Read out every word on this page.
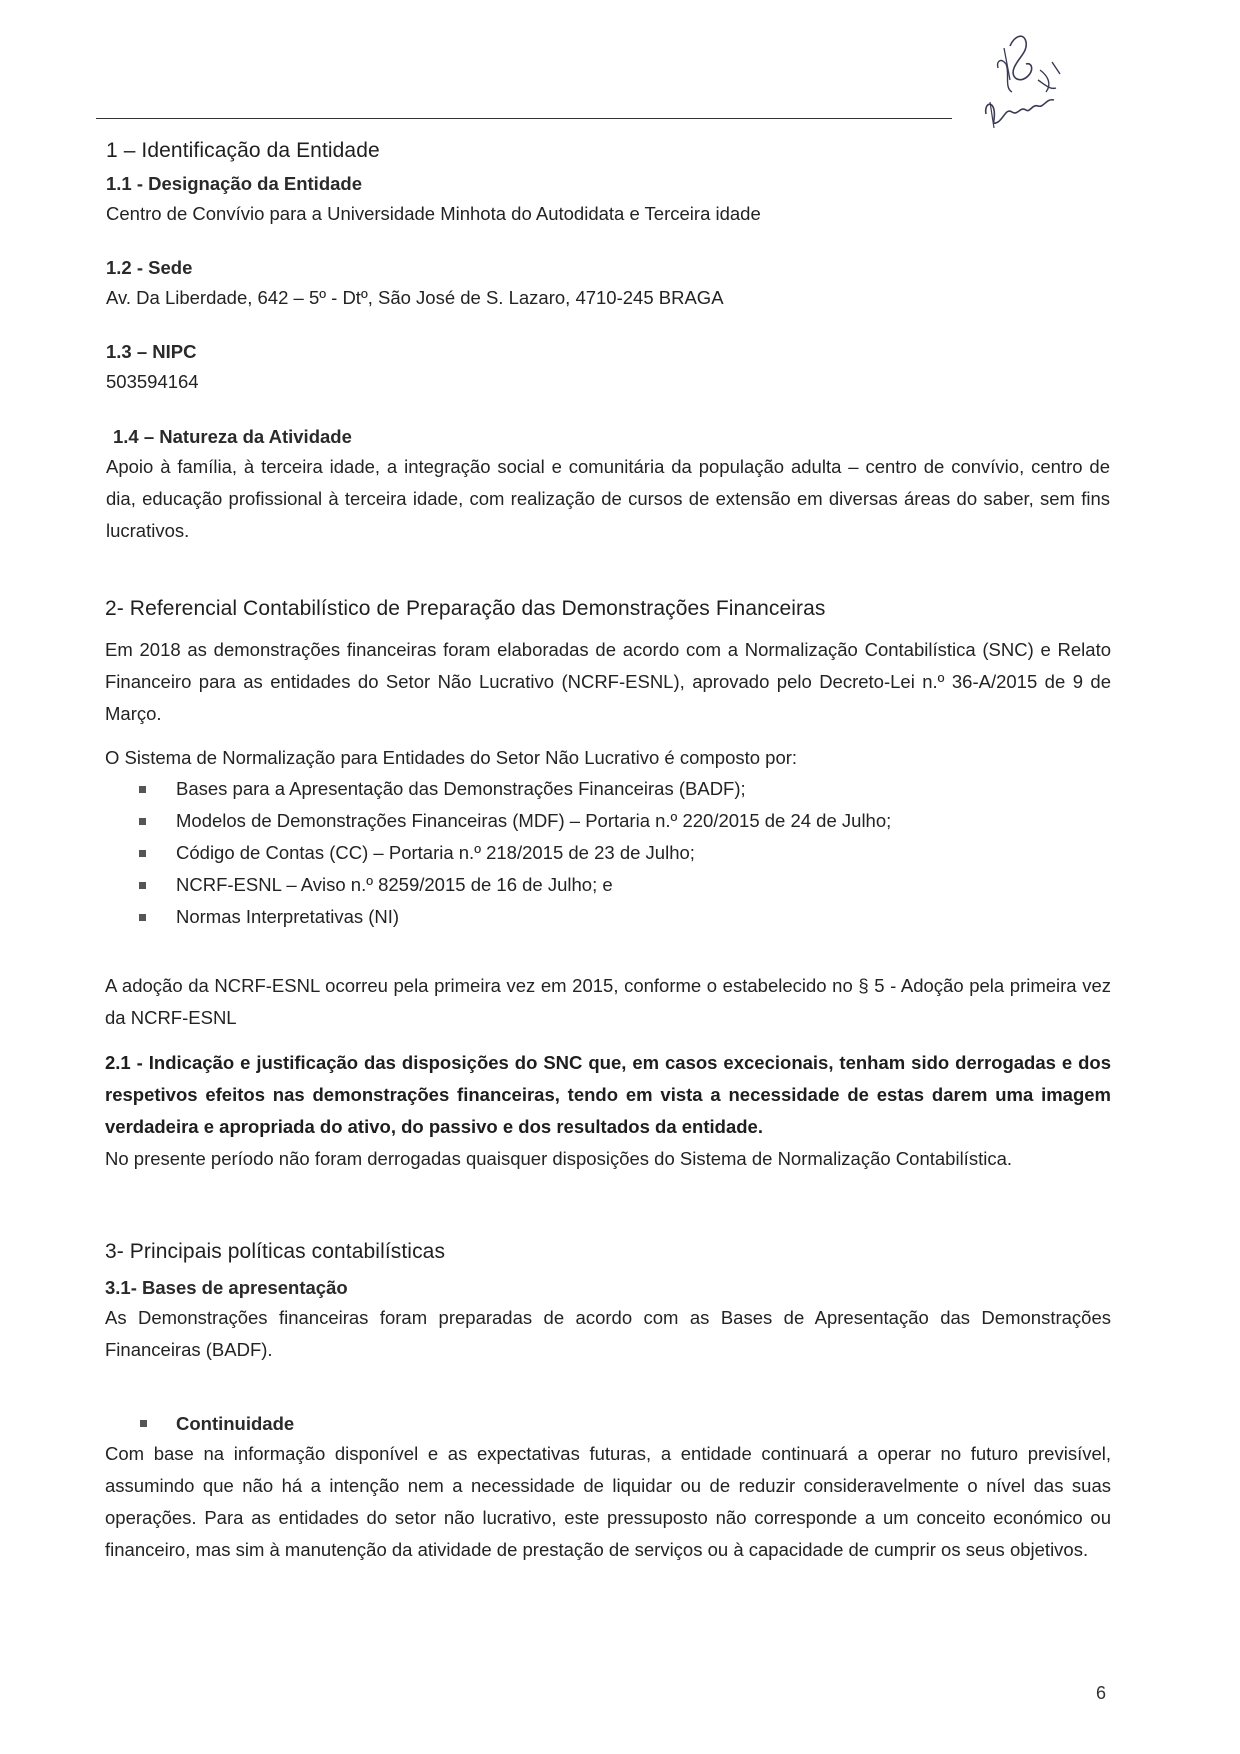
1 – Identificação da Entidade
1.1 - Designação da Entidade
Centro de Convívio para a Universidade Minhota do Autodidata e Terceira idade
1.2 - Sede
Av. Da Liberdade, 642 – 5º - Dtº, São José de S. Lazaro, 4710-245 BRAGA
1.3 – NIPC
503594164
1.4 – Natureza da Atividade
Apoio à família, à terceira idade, a integração social e comunitária da população adulta – centro de convívio, centro de dia, educação profissional à terceira idade, com realização de cursos de extensão em diversas áreas do saber, sem fins lucrativos.
2- Referencial Contabilístico de Preparação das Demonstrações Financeiras
Em 2018 as demonstrações financeiras foram elaboradas de acordo com a Normalização Contabilística (SNC) e Relato Financeiro para as entidades do Setor Não Lucrativo (NCRF-ESNL), aprovado pelo Decreto-Lei n.º 36-A/2015 de 9 de Março.
O Sistema de Normalização para Entidades do Setor Não Lucrativo é composto por:
Bases para a Apresentação das Demonstrações Financeiras (BADF);
Modelos de Demonstrações Financeiras (MDF) – Portaria n.º 220/2015 de 24 de Julho;
Código de Contas (CC) – Portaria n.º 218/2015 de 23 de Julho;
NCRF-ESNL – Aviso n.º 8259/2015 de 16 de Julho; e
Normas Interpretativas (NI)
A adoção da NCRF-ESNL ocorreu pela primeira vez em 2015, conforme o estabelecido no § 5 - Adoção pela primeira vez da NCRF-ESNL
2.1 - Indicação e justificação das disposições do SNC que, em casos excecionais, tenham sido derrogadas e dos respetivos efeitos nas demonstrações financeiras, tendo em vista a necessidade de estas darem uma imagem verdadeira e apropriada do ativo, do passivo e dos resultados da entidade.
No presente período não foram derrogadas quaisquer disposições do Sistema de Normalização Contabilística.
3- Principais políticas contabilísticas
3.1- Bases de apresentação
As Demonstrações financeiras foram preparadas de acordo com as Bases de Apresentação das Demonstrações Financeiras (BADF).
Continuidade
Com base na informação disponível e as expectativas futuras, a entidade continuará a operar no futuro previsível, assumindo que não há a intenção nem a necessidade de liquidar ou de reduzir consideravelmente o nível das suas operações. Para as entidades do setor não lucrativo, este pressuposto não corresponde a um conceito económico ou financeiro, mas sim à manutenção da atividade de prestação de serviços ou à capacidade de cumprir os seus objetivos.
6
